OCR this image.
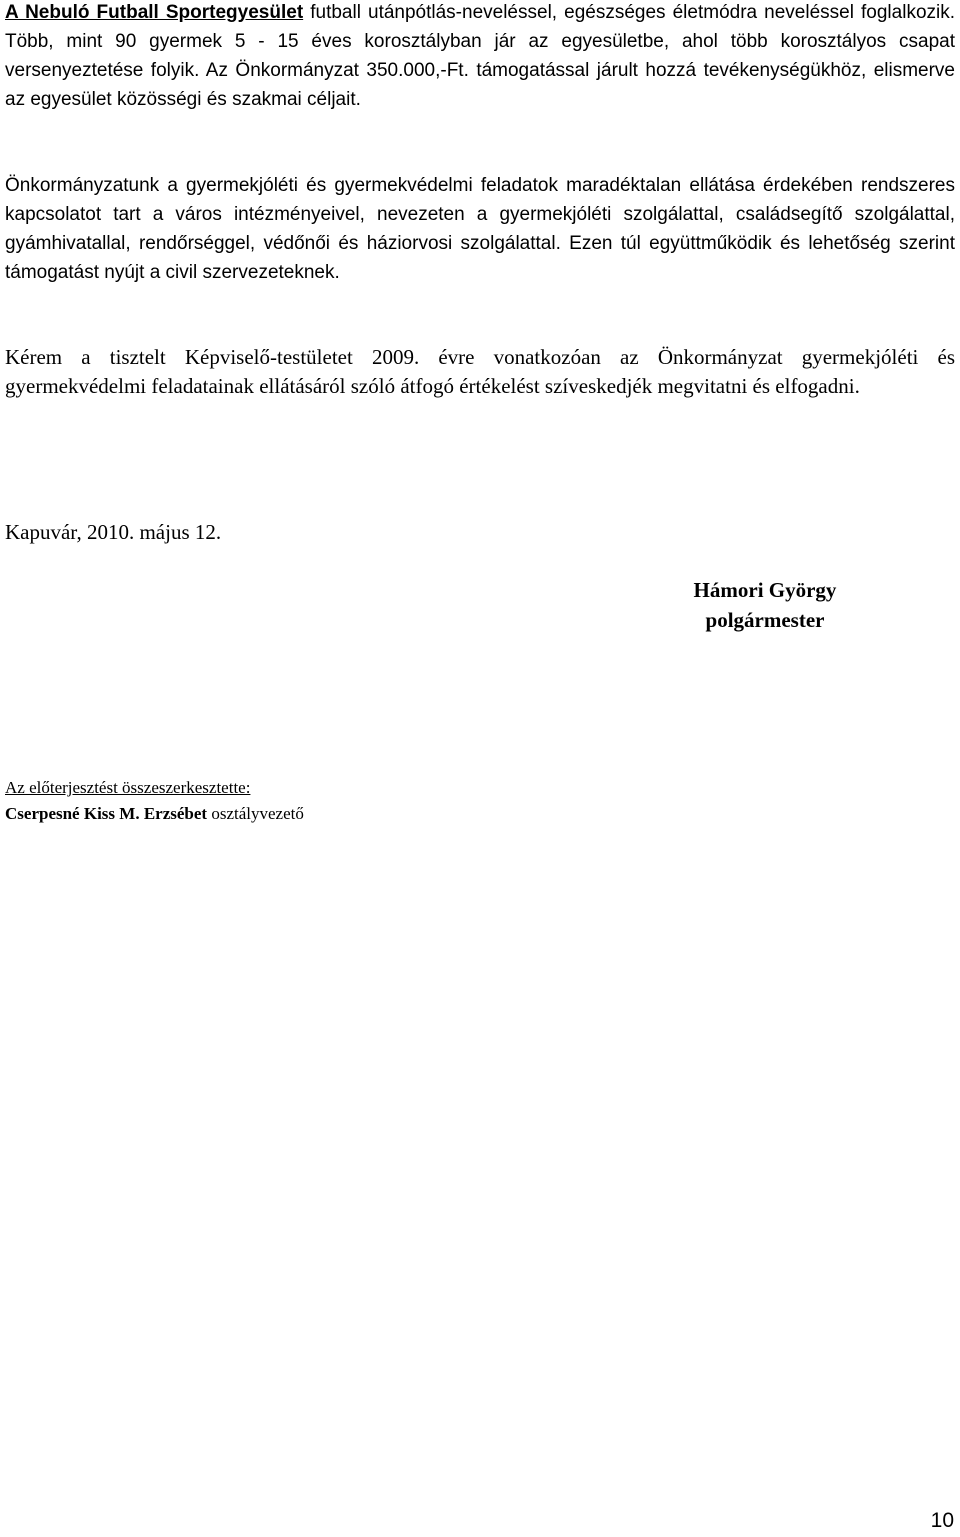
A Nebuló Futball Sportegyesület futball utánpótlás-neveléssel, egészséges életmódra neveléssel foglalkozik. Több, mint 90 gyermek 5 - 15 éves korosztályban jár az egyesületbe, ahol több korosztályos csapat versenyeztetése folyik. Az Önkormányzat 350.000,-Ft. támogatással járult hozzá tevékenységükhöz, elismerve az egyesület közösségi és szakmai céljait.

Önkormányzatunk a gyermekjóléti és gyermekvédelmi feladatok maradéktalan ellátása érdekében rendszeres kapcsolatot tart a város intézményeivel, nevezeten a gyermekjóléti szolgálattal, családsegítő szolgálattal, gyámhivatallal, rendőrséggel, védőnői és háziorvosi szolgálattal. Ezen túl együttműködik és lehetőség szerint támogatást nyújt a civil szervezeteknek.

Kérem a tisztelt Képviselő-testületet 2009. évre vonatkozóan az Önkormányzat gyermekjóléti és gyermekvédelmi feladatainak ellátásáról szóló átfogó értékelést szíveskedjék megvitatni és elfogadni.

Kapuvár, 2010. május 12.

Hámori György
polgármester
Az előterjesztést összeszerkesztette:
Cserpesné Kiss M. Erzsébet osztályvezető

10
